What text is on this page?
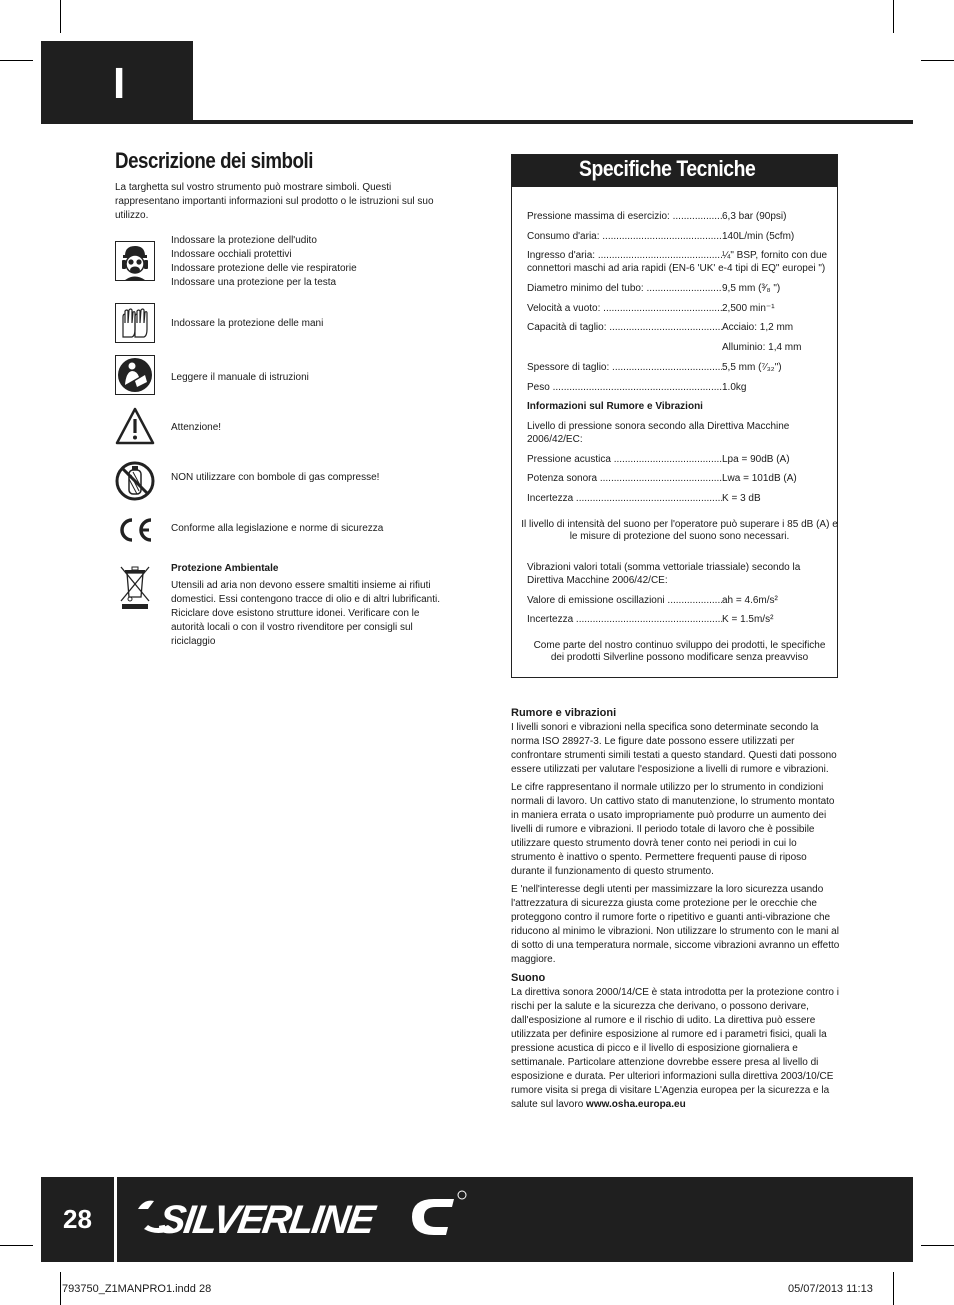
I
Descrizione dei simboli
La targhetta sul vostro strumento può mostrare simboli. Questi rappresentano importanti informazioni sul prodotto o le istruzioni sul suo utilizzo.
Indossare la protezione dell'udito
Indossare occhiali protettivi
Indossare protezione delle vie respiratorie
Indossare una protezione per la testa
Indossare la protezione delle mani
Leggere il manuale di istruzioni
Attenzione!
NON utilizzare con bombole di gas compresse!
Conforme alla legislazione e norme di sicurezza
Protezione Ambientale
Utensili ad aria non devono essere smaltiti insieme ai rifiuti domestici. Essi contengono tracce di olio e di altri lubrificanti. Riciclare dove esistono strutture idonei. Verificare con le autorità locali o con il vostro rivenditore per consigli sul riciclaggio
Specifiche Tecniche
Pressione massima di esercizio: .....	6,3 bar (90psi)
Consumo d'aria: .....	140L/min (5cfm)
Ingresso d'aria: .....	¼" BSP, fornito con due
connettori maschi ad aria rapidi (EN-6 'UK' e-4 tipi di EQ" europei ")
Diametro minimo del tubo: .....	9,5 mm (³⁄₈ ")
Velocità a vuoto: .....	2,500 min⁻¹
Capacità di taglio: .....	Acciaio: 1,2 mm
Alluminio: 1,4 mm
Spessore di taglio: .....	5,5 mm (⁷⁄₃₂")
Peso .....	1.0kg
Informazioni sul Rumore e Vibrazioni
Livello di pressione sonora secondo alla Direttiva Macchine 2006/42/EC:
Pressione acustica .....	Lpa = 90dB (A)
Potenza sonora .....	Lwa = 101dB (A)
Incertezza .....	K = 3 dB
Il livello di intensità del suono per l'operatore può superare i 85 dB (A) e le misure di protezione del suono sono necessari.
Vibrazioni valori totali (somma vettoriale triassiale) secondo la Direttiva Macchine 2006/42/CE:
Valore di emissione oscillazioni .....	ah = 4.6m/s²
Incertezza .....	K = 1.5m/s²
Come parte del nostro continuo sviluppo dei prodotti, le specifiche dei prodotti Silverline possono modificare senza preavviso
Rumore e vibrazioni

I livelli sonori e vibrazioni nella specifica sono determinate secondo la norma ISO 28927-3. Le figure date possono essere utilizzati per confrontare strumenti simili testati a questo standard. Questi dati possono essere utilizzati per valutare l'esposizione a livelli di rumore e vibrazioni.

Le cifre rappresentano il normale utilizzo per lo strumento in condizioni normali di lavoro. Un cattivo stato di manutenzione, lo strumento montato in maniera errata o usato impropriamente può produrre un aumento dei livelli di rumore e vibrazioni. Il periodo totale di lavoro che è possibile utilizzare questo strumento dovrà tener conto nei periodi in cui lo strumento è inattivo o spento. Permettere frequenti pause di riposo durante il funzionamento di questo strumento.

E 'nell'interesse degli utenti per massimizzare la loro sicurezza usando l'attrezzatura di sicurezza giusta come protezione per le orecchie che proteggono contro il rumore forte o ripetitivo e guanti anti-vibrazione che riducono al minimo le vibrazioni. Non utilizzare lo strumento con le mani al di sotto di una temperatura normale, siccome vibrazioni avranno un effetto maggiore.

Suono

La direttiva sonora 2000/14/CE è stata introdotta per la protezione contro i rischi per la salute e la sicurezza che derivano, o possono derivare, dall'esposizione al rumore e il rischio di udito. La direttiva può essere utilizzata per definire esposizione al rumore ed i parametri fisici, quali la pressione acustica di picco e il livello di esposizione giornaliera e settimanale. Particolare attenzione dovrebbe essere presa al livello di esposizione e durata. Per ulteriori informazioni sulla direttiva 2003/10/CE rumore visita si prega di visitare L'Agenzia europea per la sicurezza e la salute sul lavoro www.osha.europa.eu

28	SILVERLINE
793750_Z1MANPRO1.indd 28	05/07/2013 11:13
